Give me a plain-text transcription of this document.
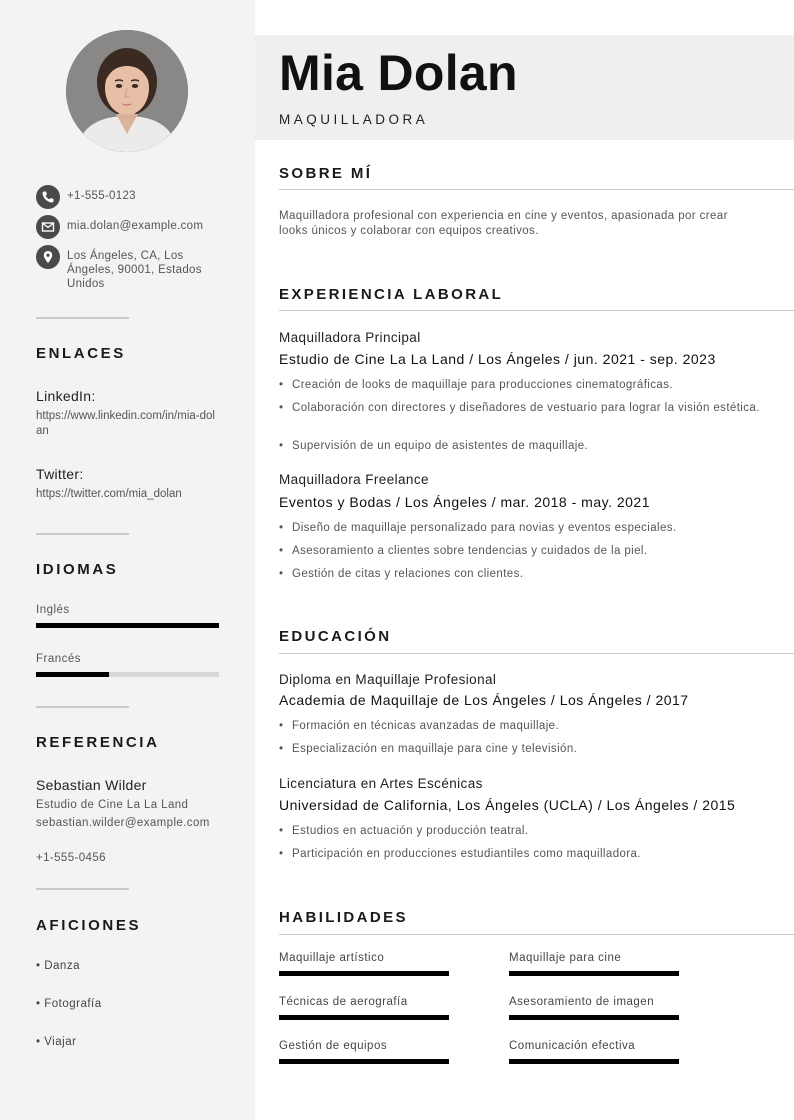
+1-555-0123
mia.dolan@example.com
Los Ángeles, CA, Los Ángeles, 90001, Estados Unidos
ENLACES
LinkedIn:
https://www.linkedin.com/in/mia-dolan
Twitter:
https://twitter.com/mia_dolan
IDIOMAS
Inglés
Francés
REFERENCIA
Sebastian Wilder
Estudio de Cine La La Land
sebastian.wilder@example.com
+1-555-0456
AFICIONES
• Danza
• Fotografía
• Viajar
Mia Dolan
MAQUILLADORA
SOBRE MÍ
Maquilladora profesional con experiencia en cine y eventos, apasionada por crear looks únicos y colaborar con equipos creativos.
EXPERIENCIA LABORAL
Maquilladora Principal
Estudio de Cine La La Land / Los Ángeles / jun. 2021 - sep. 2023
• Creación de looks de maquillaje para producciones cinematográficas.
• Colaboración con directores y diseñadores de vestuario para lograr la visión estética.
• Supervisión de un equipo de asistentes de maquillaje.
Maquilladora Freelance
Eventos y Bodas / Los Ángeles / mar. 2018 - may. 2021
• Diseño de maquillaje personalizado para novias y eventos especiales.
• Asesoramiento a clientes sobre tendencias y cuidados de la piel.
• Gestión de citas y relaciones con clientes.
EDUCACIÓN
Diploma en Maquillaje Profesional
Academia de Maquillaje de Los Ángeles / Los Ángeles / 2017
• Formación en técnicas avanzadas de maquillaje.
• Especialización en maquillaje para cine y televisión.
Licenciatura en Artes Escénicas
Universidad de California, Los Ángeles (UCLA) / Los Ángeles / 2015
• Estudios en actuación y producción teatral.
• Participación en producciones estudiantiles como maquilladora.
HABILIDADES
Maquillaje artístico	Maquillaje para cine
Técnicas de aerografía	Asesoramiento de imagen
Gestión de equipos	Comunicación efectiva
